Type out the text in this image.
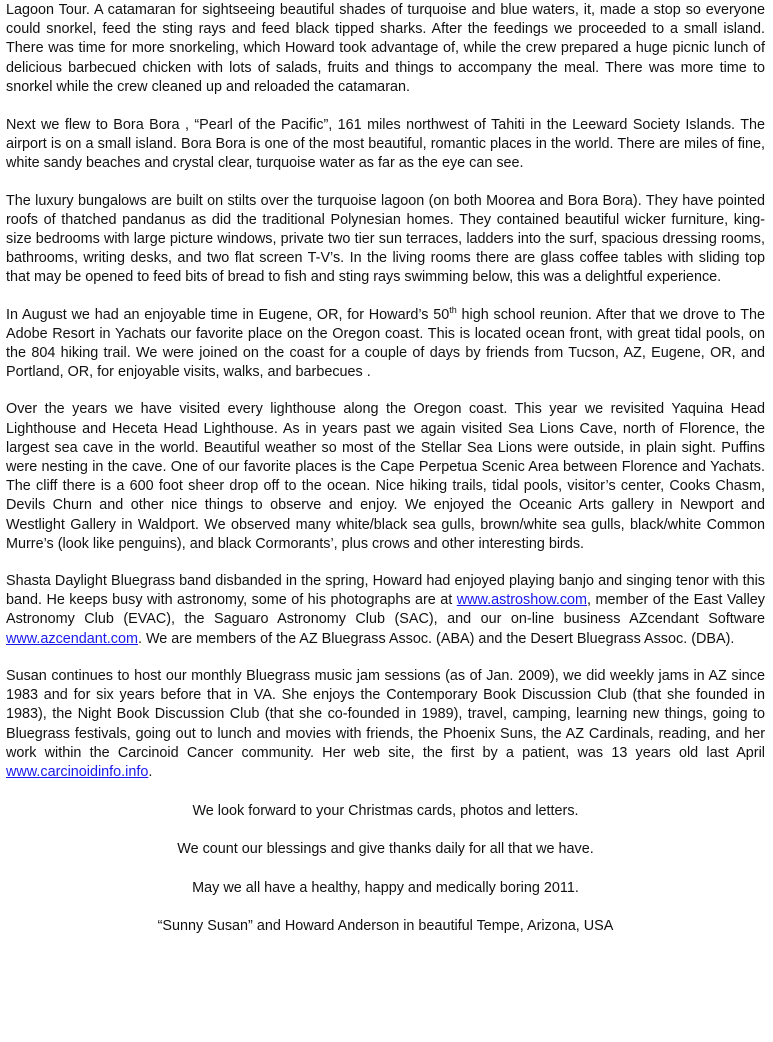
Lagoon Tour. A catamaran for sightseeing beautiful shades of turquoise and blue waters, it, made a stop so everyone could snorkel, feed the sting rays and feed black tipped sharks. After the feedings we proceeded to a small island. There was time for more snorkeling, which Howard took advantage of, while the crew prepared a huge picnic lunch of delicious barbecued chicken with lots of salads, fruits and things to accompany the meal. There was more time to snorkel while the crew cleaned up and reloaded the catamaran.

Next we flew to Bora Bora , “Pearl of the Pacific”, 161 miles northwest of Tahiti in the Leeward Society Islands. The airport is on a small island. Bora Bora is one of the most beautiful, romantic places in the world. There are miles of fine, white sandy beaches and crystal clear, turquoise water as far as the eye can see.

The luxury bungalows are built on stilts over the turquoise lagoon (on both Moorea and Bora Bora). They have pointed roofs of thatched pandanus as did the traditional Polynesian homes. They contained beautiful wicker furniture, king-size bedrooms with large picture windows, private two tier sun terraces, ladders into the surf, spacious dressing rooms, bathrooms, writing desks, and two flat screen T-V’s. In the living rooms there are glass coffee tables with sliding top that may be opened to feed bits of bread to fish and sting rays swimming below, this was a delightful experience.

In August we had an enjoyable time in Eugene, OR, for Howard’s 50th high school reunion. After that we drove to The Adobe Resort in Yachats our favorite place on the Oregon coast. This is located ocean front, with great tidal pools, on the 804 hiking trail. We were joined on the coast for a couple of days by friends from Tucson, AZ, Eugene, OR, and Portland, OR, for enjoyable visits, walks, and barbecues .

Over the years we have visited every lighthouse along the Oregon coast. This year we revisited Yaquina Head Lighthouse and Heceta Head Lighthouse. As in years past we again visited Sea Lions Cave, north of Florence, the largest sea cave in the world. Beautiful weather so most of the Stellar Sea Lions were outside, in plain sight. Puffins were nesting in the cave. One of our favorite places is the Cape Perpetua Scenic Area between Florence and Yachats. The cliff there is a 600 foot sheer drop off to the ocean. Nice hiking trails, tidal pools, visitor’s center, Cooks Chasm, Devils Churn and other nice things to observe and enjoy. We enjoyed the Oceanic Arts gallery in Newport and Westlight Gallery in Waldport. We observed many white/black sea gulls, brown/white sea gulls, black/white Common Murre’s (look like penguins), and black Cormorants’, plus crows and other interesting birds.

Shasta Daylight Bluegrass band disbanded in the spring, Howard had enjoyed playing banjo and singing tenor with this band. He keeps busy with astronomy, some of his photographs are at www.astroshow.com, member of the East Valley Astronomy Club (EVAC), the Saguaro Astronomy Club (SAC), and our on-line business AZcendant Software www.azcendant.com. We are members of the AZ Bluegrass Assoc. (ABA) and the Desert Bluegrass Assoc. (DBA).

Susan continues to host our monthly Bluegrass music jam sessions (as of Jan. 2009), we did weekly jams in AZ since 1983 and for six years before that in VA. She enjoys the Contemporary Book Discussion Club (that she founded in 1983), the Night Book Discussion Club (that she co-founded in 1989), travel, camping, learning new things, going to Bluegrass festivals, going out to lunch and movies with friends, the Phoenix Suns, the AZ Cardinals, reading, and her work within the Carcinoid Cancer community. Her web site, the first by a patient, was 13 years old last April www.carcinoidinfo.info.

We look forward to your Christmas cards, photos and letters.

We count our blessings and give thanks daily for all that we have.

May we all have a healthy, happy and medically boring 2011.

“Sunny Susan” and Howard Anderson in beautiful Tempe, Arizona, USA
